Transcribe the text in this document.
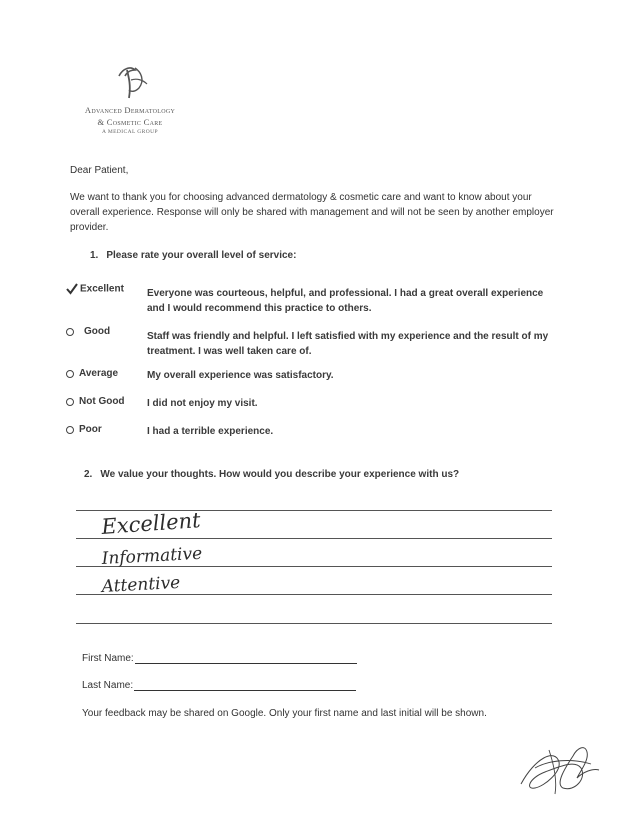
Advanced Dermatology
& Cosmetic Care
A MEDICAL GROUP
Dear Patient,
We want to thank you for choosing advanced dermatology & cosmetic care and want to know about your overall experience. Response will only be shared with management and will not be seen by another employer provider.
1. Please rate your overall level of service:
Excellent Everyone was courteous, helpful, and professional. I had a great overall experience and I would recommend this practice to others.
Good	Staff was friendly and helpful. I left satisfied with my experience and the result of my treatment. I was well taken care of.
Average	My overall experience was satisfactory.
Not Good I did not enjoy my visit.
Poor	I had a terrible experience.
2. We value your thoughts. How would you describe your experience with us?
Excellent
Informative
Attentive
First Name:
Last Name:
Your feedback may be shared on Google. Only your first name and last initial will be shown.
